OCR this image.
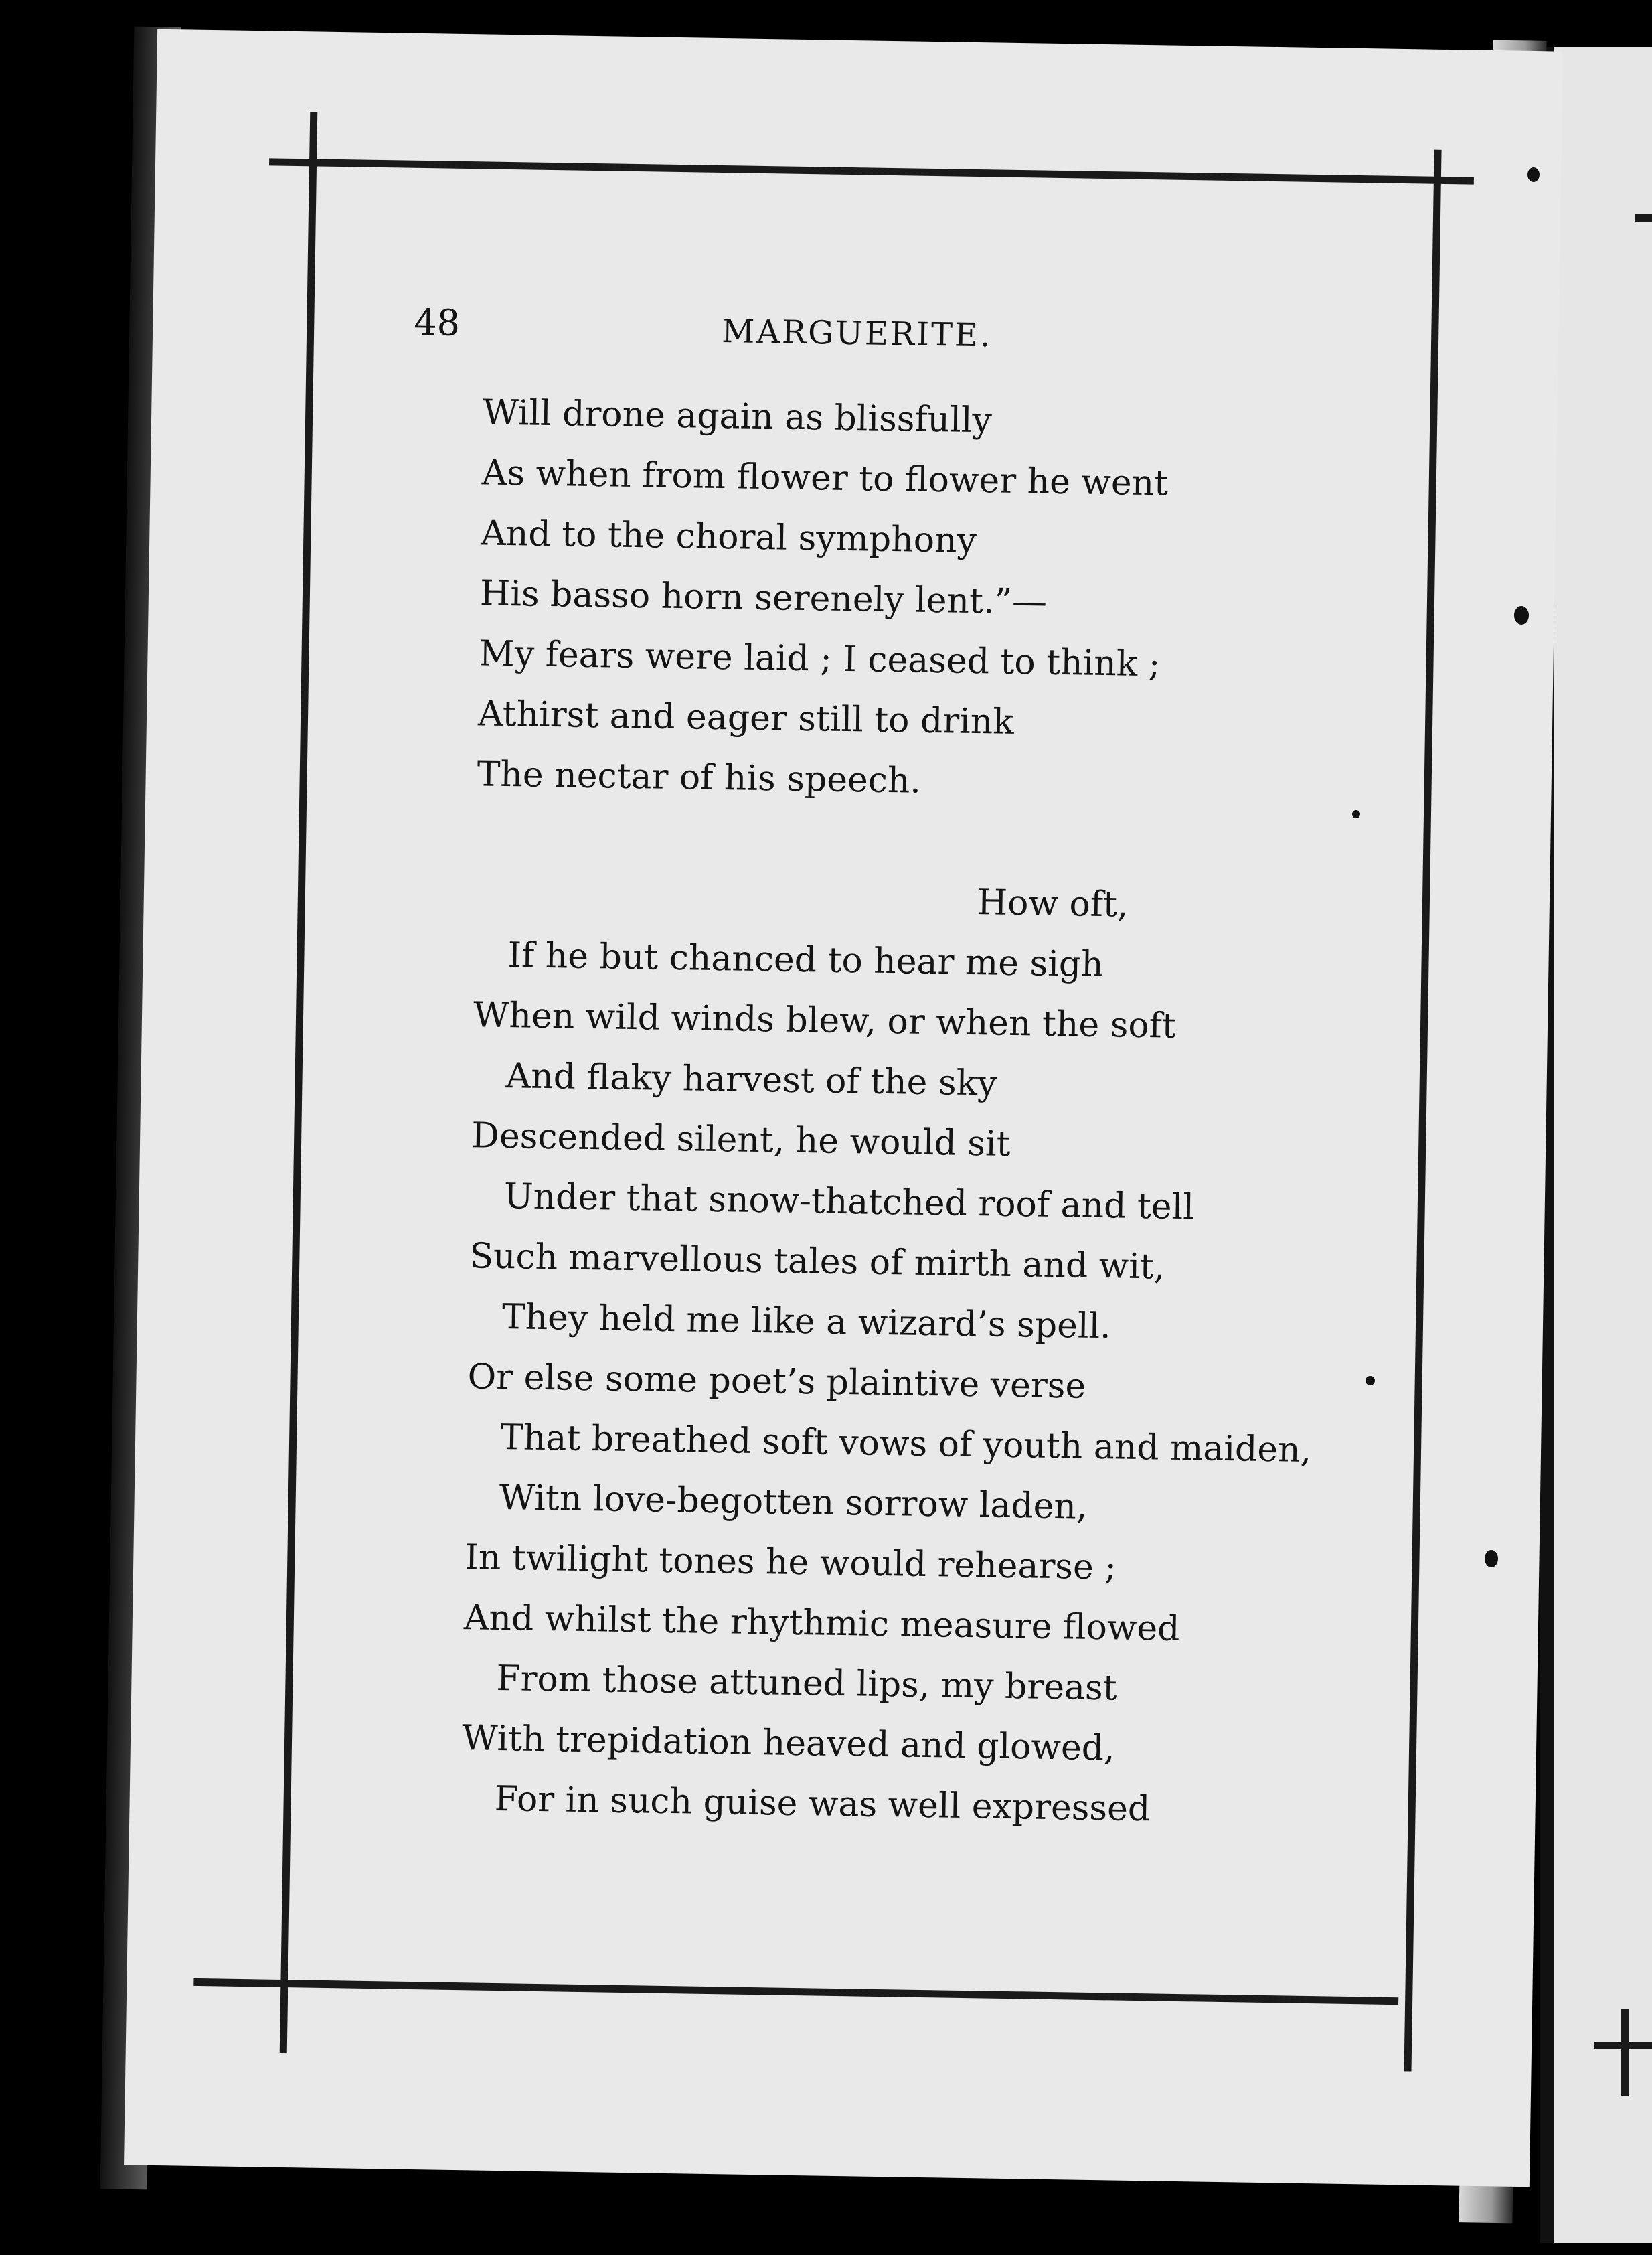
48	MARGUERITE.
Will drone again as blissfully
As when from flower to flower he went
And to the choral symphony
His basso horn serenely lent.”—
My fears were laid ; I ceased to think ;
Athirst and eager still to drink
The nectar of his speech.
How oft,
If he but chanced to hear me sigh
When wild winds blew, or when the soft
And flaky harvest of the sky
Descended silent, he would sit
Under that snow-thatched roof and tell
Such marvellous tales of mirth and wit,
They held me like a wizard’s spell.
Or else some poet’s plaintive verse
That breathed soft vows of youth and maiden,
Witn love-begotten sorrow laden,
In twilight tones he would rehearse ;
And whilst the rhythmic measure flowed
From those attuned lips, my breast
With trepidation heaved and glowed,
For in such guise was well expressed
